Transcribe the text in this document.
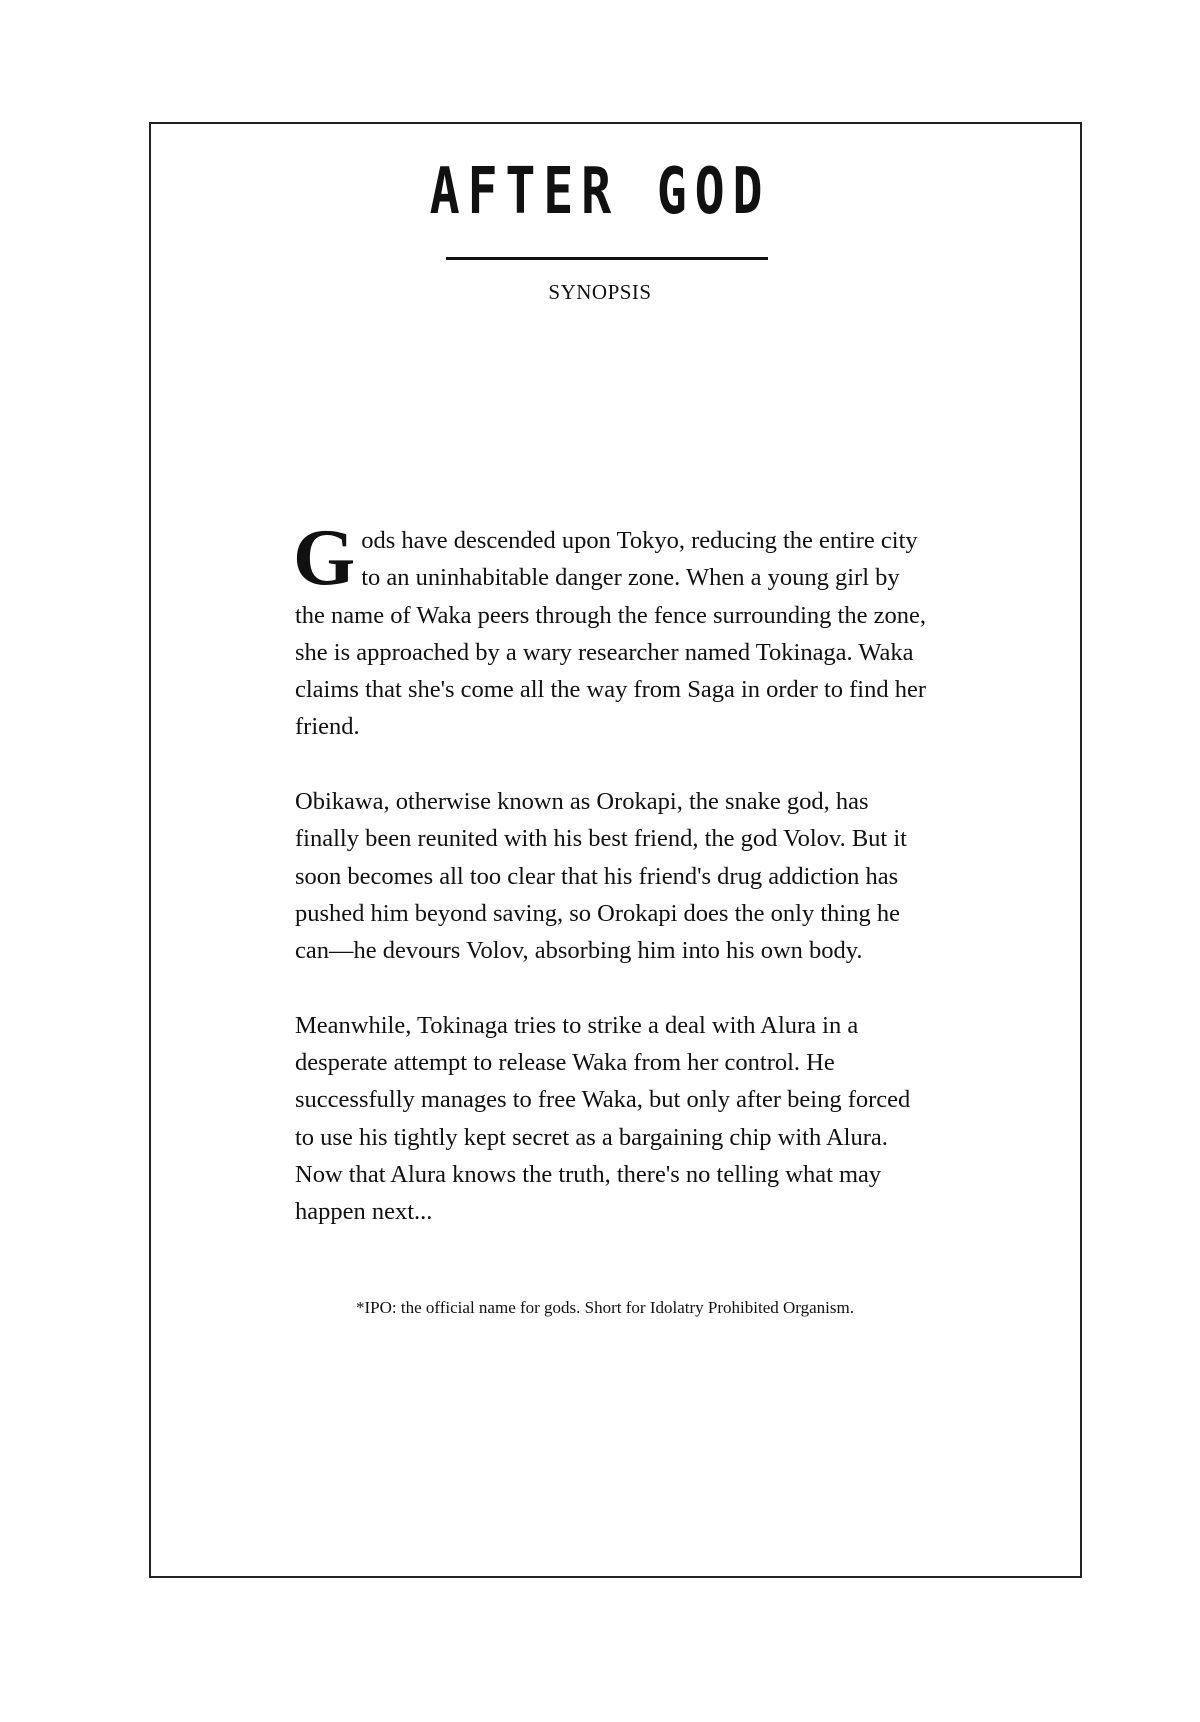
AFTER GOD
SYNOPSIS

Gods have descended upon Tokyo, reducing the entire city to an uninhabitable danger zone. When a young girl by the name of Waka peers through the fence surrounding the zone, she is approached by a wary researcher named Tokinaga. Waka claims that she's come all the way from Saga in order to find her friend.

Obikawa, otherwise known as Orokapi, the snake god, has finally been reunited with his best friend, the god Volov. But it soon becomes all too clear that his friend's drug addiction has pushed him beyond saving, so Orokapi does the only thing he can—he devours Volov, absorbing him into his own body.

Meanwhile, Tokinaga tries to strike a deal with Alura in a desperate attempt to release Waka from her control. He successfully manages to free Waka, but only after being forced to use his tightly kept secret as a bargaining chip with Alura. Now that Alura knows the truth, there's no telling what may happen next...

*IPO: the official name for gods. Short for Idolatry Prohibited Organism.
